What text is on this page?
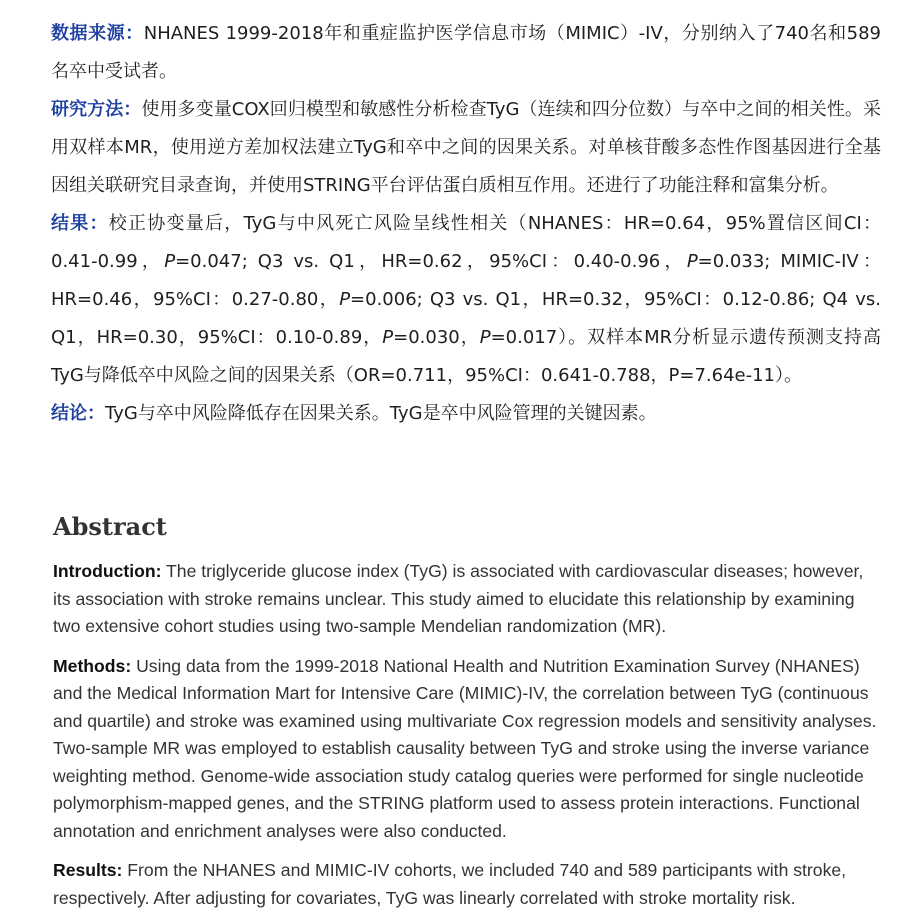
数据来源：NHANES 1999-2018年和重症监护医学信息市场（MIMIC）-IV，分别纳入了740名和589名卒中受试者。

研究方法：使用多变量COX回归模型和敏感性分析检查TyG（连续和四分位数）与卒中之间的相关性。采用双样本MR，使用逆方差加权法建立TyG和卒中之间的因果关系。对单核苷酸多态性作图基因进行全基因组关联研究目录查询，并使用STRING平台评估蛋白质相互作用。还进行了功能注释和富集分析。

结果：校正协变量后，TyG与中风死亡风险呈线性相关（NHANES：HR=0.64，95%置信区间CI：0.41-0.99，P=0.047; Q3 vs. Q1，HR=0.62，95%CI：0.40-0.96，P=0.033; MIMIC-IV：HR=0.46，95%CI：0.27-0.80，P=0.006; Q3 vs. Q1，HR=0.32，95%CI：0.12-0.86; Q4 vs. Q1，HR=0.30，95%CI：0.10-0.89，P=0.030，P=0.017）。双样本MR分析显示遗传预测支持高TyG与降低卒中风险之间的因果关系（OR=0.711，95%CI：0.641-0.788，P=7.64e-11）。

结论：TyG与卒中风险降低存在因果关系。TyG是卒中风险管理的关键因素。

Abstract

Introduction: The triglyceride glucose index (TyG) is associated with cardiovascular diseases; however, its association with stroke remains unclear. This study aimed to elucidate this relationship by examining two extensive cohort studies using two-sample Mendelian randomization (MR).

Methods: Using data from the 1999-2018 National Health and Nutrition Examination Survey (NHANES) and the Medical Information Mart for Intensive Care (MIMIC)-IV, the correlation between TyG (continuous and quartile) and stroke was examined using multivariate Cox regression models and sensitivity analyses. Two-sample MR was employed to establish causality between TyG and stroke using the inverse variance weighting method. Genome-wide association study catalog queries were performed for single nucleotide polymorphism-mapped genes, and the STRING platform used to assess protein interactions. Functional annotation and enrichment analyses were also conducted.

Results: From the NHANES and MIMIC-IV cohorts, we included 740 and 589 participants with stroke, respectively. After adjusting for covariates, TyG was linearly correlated with stroke mortality risk.
